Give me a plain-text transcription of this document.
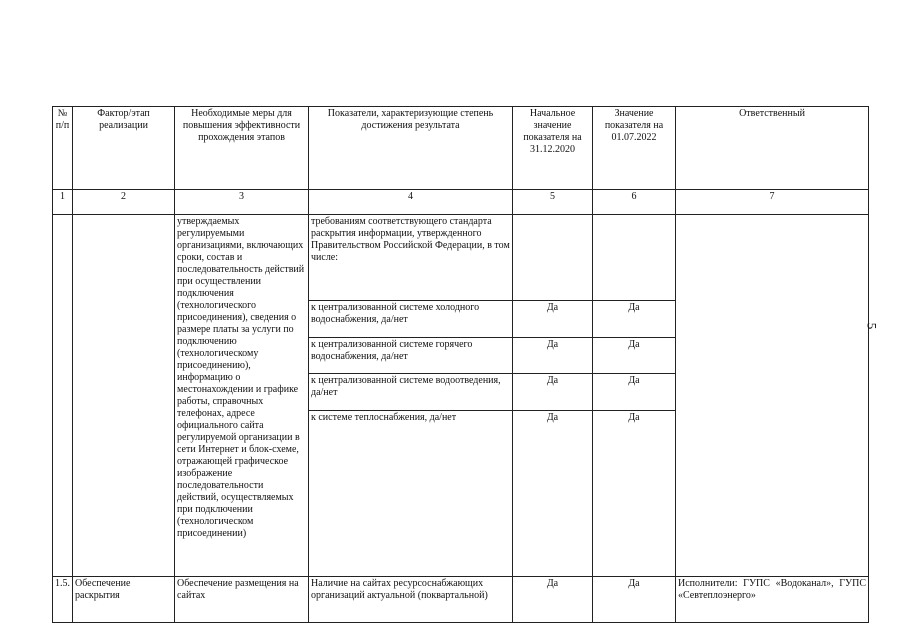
№ п/п	Фактор/этап реализации	Необходимые меры для повышения эффективности прохождения этапов	Показатели, характеризующие степень достижения результата	Начальное значение показателя на 31.12.2020	Значение показателя на 01.07.2022	Ответственный
1	2	3	4	5	6	7
		утверждаемых регулируемыми организациями, включающих сроки, состав и последовательность действий при осуществлении подключения (технологического присоединения), сведения о размере платы за услуги по подключению (технологическому присоединению), информацию о местонахождении и графике работы, справочных телефонах, адресе официального сайта регулируемой организации в сети Интернет и блок-схеме, отражающей графическое изображение последовательности действий, осуществляемых при подключении (технологическом присоединении)	требованиям соответствующего стандарта раскрытия информации, утвержденного Правительством Российской Федерации, в том числе:			
			к централизованной системе холодного водоснабжения, да/нет	Да	Да	
			к централизованной системе горячего водоснабжения, да/нет	Да	Да	
			к централизованной системе водоотведения, да/нет	Да	Да	
			к системе теплоснабжения, да/нет	Да	Да	
1.5.	Обеспечение раскрытия	Обеспечение размещения на сайтах	Наличие на сайтах ресурсоснабжающих организаций актуальной (поквартальной)	Да	Да	Исполнители: ГУПС «Водоканал», ГУПС «Севтеплоэнерго»
5
